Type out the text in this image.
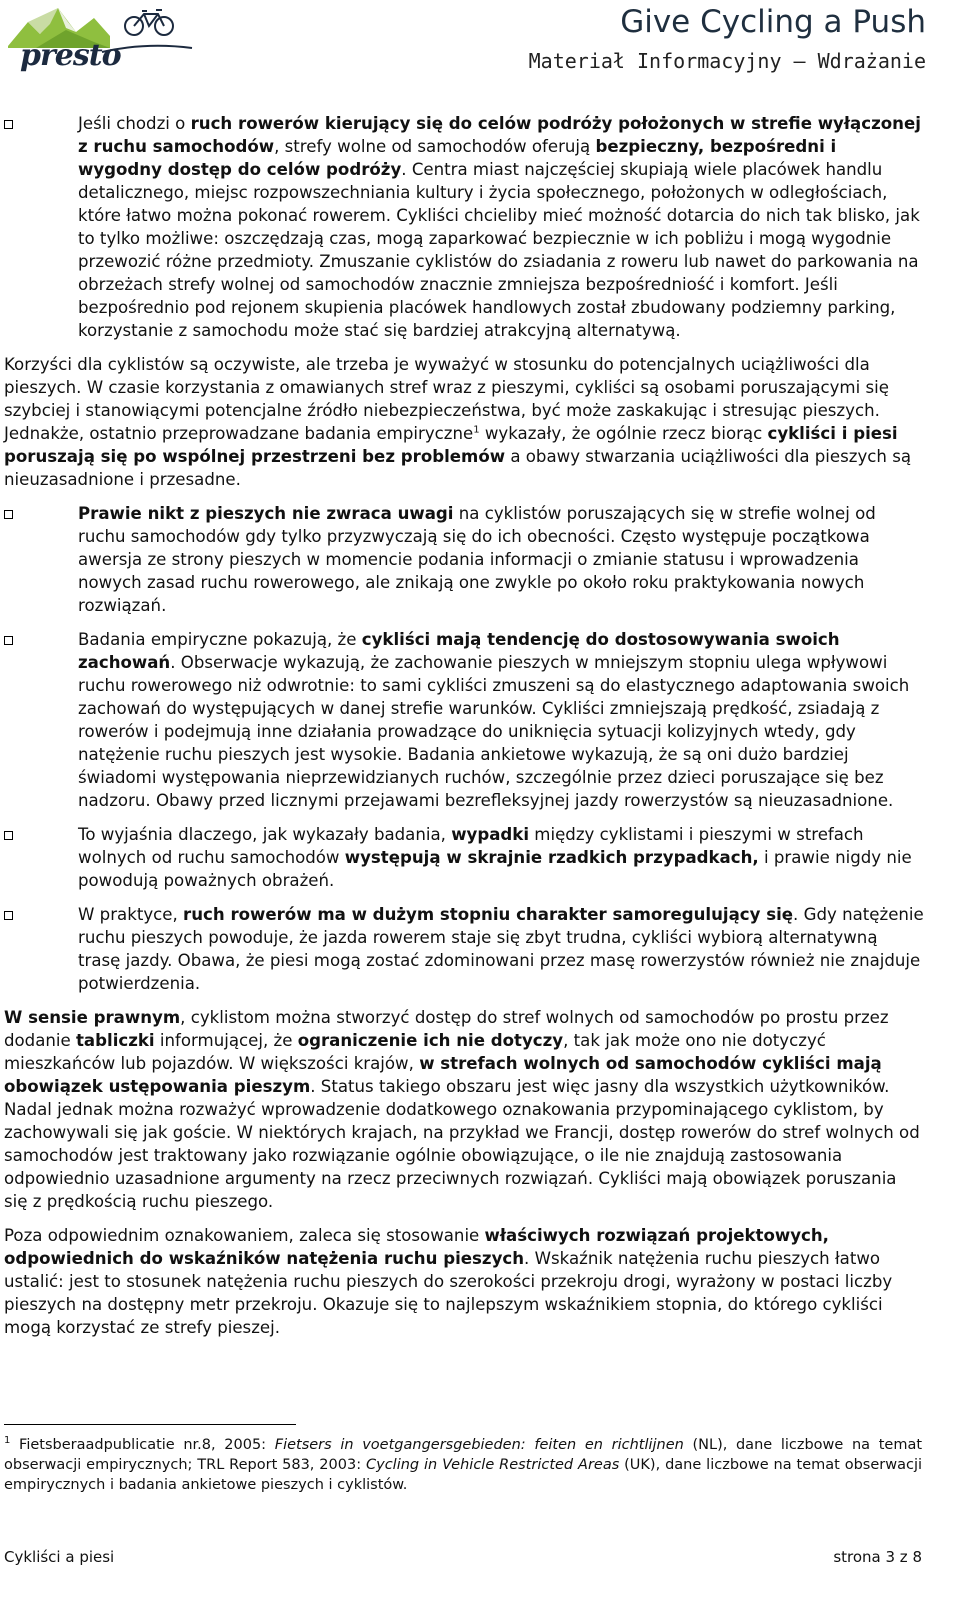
presto
Give Cycling a Push
Materiał Informacyjny – Wdrażanie
Jeśli chodzi o ruch rowerów kierujący się do celów podróży położonych w strefie wyłączonej z ruchu samochodów, strefy wolne od samochodów oferują bezpieczny, bezpośredni i wygodny dostęp do celów podróży. Centra miast najczęściej skupiają wiele placówek handlu detalicznego, miejsc rozpowszechniania kultury i życia społecznego, położonych w odległościach, które łatwo można pokonać rowerem. Cykliści chcieliby mieć możność dotarcia do nich tak blisko, jak to tylko możliwe: oszczędzają czas, mogą zaparkować bezpiecznie w ich pobliżu i mogą wygodnie przewozić różne przedmioty. Zmuszanie cyklistów do zsiadania z roweru lub nawet do parkowania na obrzeżach strefy wolnej od samochodów znacznie zmniejsza bezpośredniość i komfort. Jeśli bezpośrednio pod rejonem skupienia placówek handlowych został zbudowany podziemny parking, korzystanie z samochodu może stać się bardziej atrakcyjną alternatywą.

Korzyści dla cyklistów są oczywiste, ale trzeba je wyważyć w stosunku do potencjalnych uciążliwości dla pieszych. W czasie korzystania z omawianych stref wraz z pieszymi, cykliści są osobami poruszającymi się szybciej i stanowiącymi potencjalne źródło niebezpieczeństwa, być może zaskakując i stresując pieszych. Jednakże, ostatnio przeprowadzane badania empiryczne$^1$ wykazały, że ogólnie rzecz biorąc cykliści i piesi poruszają się po wspólnej przestrzeni bez problemów a obawy stwarzania uciążliwości dla pieszych są nieuzasadnione i przesadne.

Prawie nikt z pieszych nie zwraca uwagi na cyklistów poruszających się w strefie wolnej od ruchu samochodów gdy tylko przyzwyczają się do ich obecności. Często występuje początkowa awersja ze strony pieszych w momencie podania informacji o zmianie statusu i wprowadzenia nowych zasad ruchu rowerowego, ale znikają one zwykle po około roku praktykowania nowych rozwiązań.
Badania empiryczne pokazują, że cykliści mają tendencję do dostosowywania swoich zachowań. Obserwacje wykazują, że zachowanie pieszych w mniejszym stopniu ulega wpływowi ruchu rowerowego niż odwrotnie: to sami cykliści zmuszeni są do elastycznego adaptowania swoich zachowań do występujących w danej strefie warunków. Cykliści zmniejszają prędkość, zsiadają z rowerów i podejmują inne działania prowadzące do uniknięcia sytuacji kolizyjnych wtedy, gdy natężenie ruchu pieszych jest wysokie. Badania ankietowe wykazują, że są oni dużo bardziej świadomi występowania nieprzewidzianych ruchów, szczególnie przez dzieci poruszające się bez nadzoru. Obawy przed licznymi przejawami bezrefleksyjnej jazdy rowerzystów są nieuzasadnione.
To wyjaśnia dlaczego, jak wykazały badania, wypadki między cyklistami i pieszymi w strefach wolnych od ruchu samochodów występują w skrajnie rzadkich przypadkach, i prawie nigdy nie powodują poważnych obrażeń.
W praktyce, ruch rowerów ma w dużym stopniu charakter samoregulujący się. Gdy natężenie ruchu pieszych powoduje, że jazda rowerem staje się zbyt trudna, cykliści wybiorą alternatywną trasę jazdy. Obawa, że piesi mogą zostać zdominowani przez masę rowerzystów również nie znajduje potwierdzenia.

W sensie prawnym, cyklistom można stworzyć dostęp do stref wolnych od samochodów po prostu przez dodanie tabliczki informującej, że ograniczenie ich nie dotyczy, tak jak może ono nie dotyczyć mieszkańców lub pojazdów. W większości krajów, w strefach wolnych od samochodów cykliści mają obowiązek ustępowania pieszym. Status takiego obszaru jest więc jasny dla wszystkich użytkowników. Nadal jednak można rozważyć wprowadzenie dodatkowego oznakowania przypominającego cyklistom, by zachowywali się jak goście. W niektórych krajach, na przykład we Francji, dostęp rowerów do stref wolnych od samochodów jest traktowany jako rozwiązanie ogólnie obowiązujące, o ile nie znajdują zastosowania odpowiednio uzasadnione argumenty na rzecz przeciwnych rozwiązań. Cykliści mają obowiązek poruszania się z prędkością ruchu pieszego.

Poza odpowiednim oznakowaniem, zaleca się stosowanie właściwych rozwiązań projektowych, odpowiednich do wskaźników natężenia ruchu pieszych. Wskaźnik natężenia ruchu pieszych łatwo ustalić: jest to stosunek natężenia ruchu pieszych do szerokości przekroju drogi, wyrażony w postaci liczby pieszych na dostępny metr przekroju. Okazuje się to najlepszym wskaźnikiem stopnia, do którego cykliści mogą korzystać ze strefy pieszej.

$^1$ Fietsberaadpublicatie nr.8, 2005: Fietsers in voetgangersgebieden: feiten en richtlijnen (NL), dane liczbowe na temat obserwacji empirycznych; TRL Report 583, 2003: Cycling in Vehicle Restricted Areas (UK), dane liczbowe na temat obserwacji empirycznych i badania ankietowe pieszych i cyklistów.
Cykliści a piesi	strona 3 z 8
